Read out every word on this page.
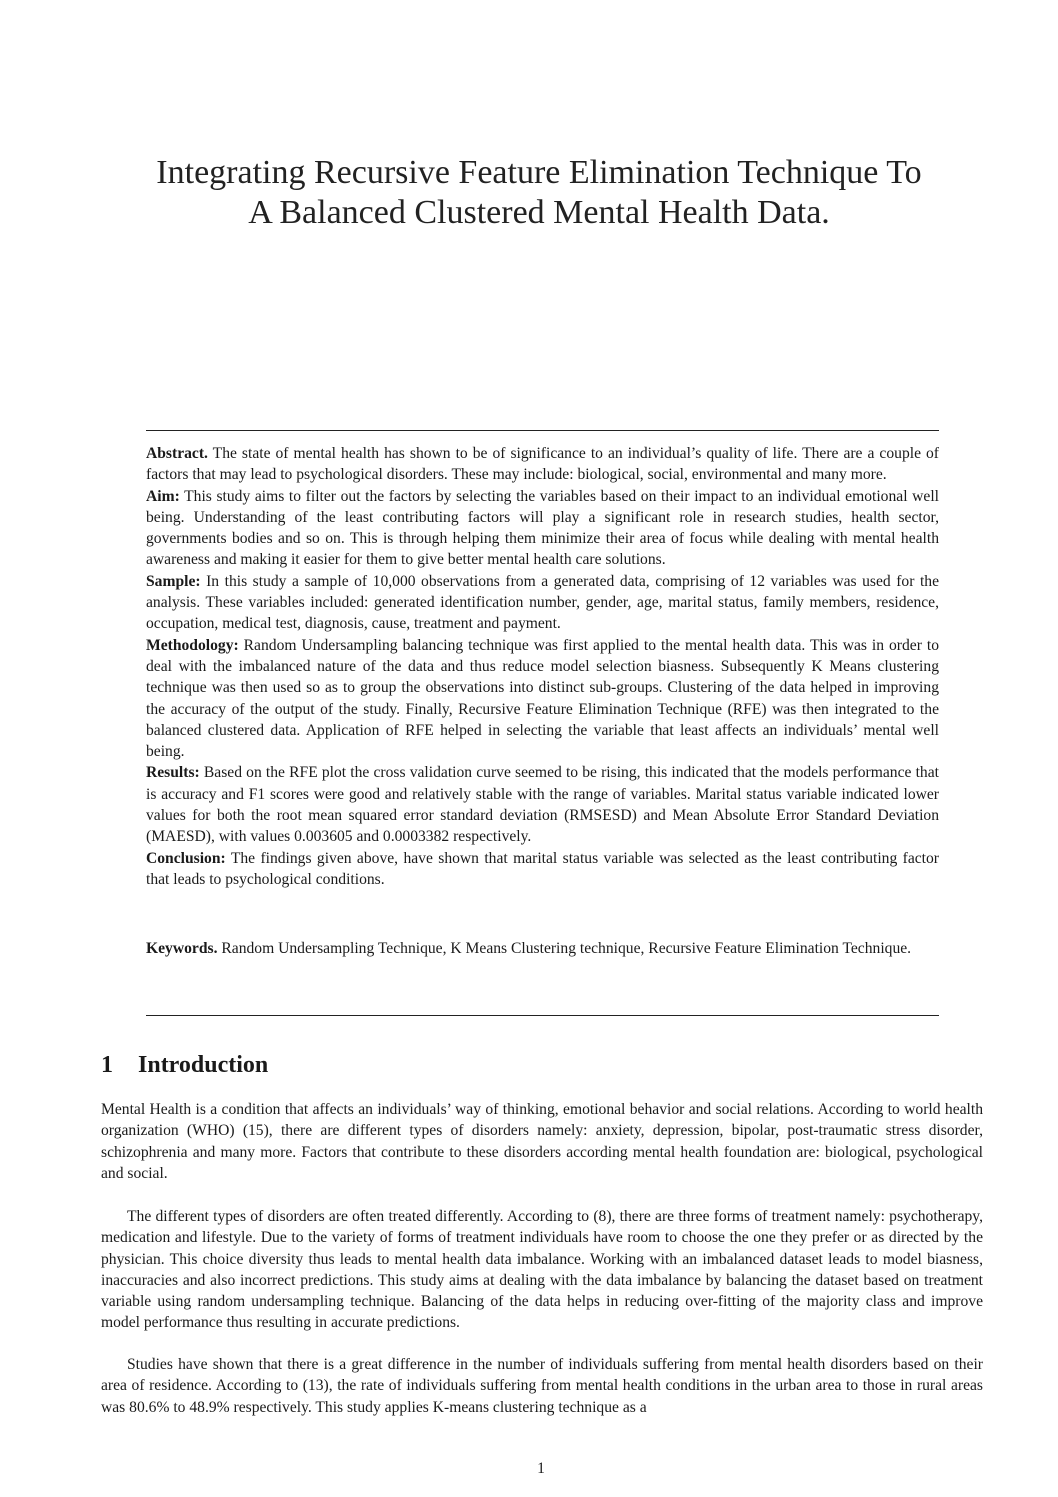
Integrating Recursive Feature Elimination Technique To
A Balanced Clustered Mental Health Data.

Abstract. The state of mental health has shown to be of significance to an individual’s quality of life. There are a couple of factors that may lead to psychological disorders. These may include: biological, social, environmental and many more.

Aim: This study aims to filter out the factors by selecting the variables based on their impact to an individual emotional well being. Understanding of the least contributing factors will play a significant role in research studies, health sector, governments bodies and so on. This is through helping them minimize their area of focus while dealing with mental health awareness and making it easier for them to give better mental health care solutions.

Sample: In this study a sample of 10,000 observations from a generated data, comprising of 12 variables was used for the analysis. These variables included: generated identification number, gender, age, marital status, family members, residence, occupation, medical test, diagnosis, cause, treatment and payment.

Methodology: Random Undersampling balancing technique was first applied to the mental health data. This was in order to deal with the imbalanced nature of the data and thus reduce model selection biasness. Subsequently K Means clustering technique was then used so as to group the observations into distinct sub-groups. Clustering of the data helped in improving the accuracy of the output of the study. Finally, Recursive Feature Elimination Technique (RFE) was then integrated to the balanced clustered data. Application of RFE helped in selecting the variable that least affects an individuals’ mental well being.

Results: Based on the RFE plot the cross validation curve seemed to be rising, this indicated that the models performance that is accuracy and F1 scores were good and relatively stable with the range of variables. Marital status variable indicated lower values for both the root mean squared error standard deviation (RMSESD) and Mean Absolute Error Standard Deviation (MAESD), with values 0.003605 and 0.0003382 respectively.

Conclusion: The findings given above, have shown that marital status variable was selected as the least contributing factor that leads to psychological conditions.

Keywords. Random Undersampling Technique, K Means Clustering technique, Recursive Feature Elimination Technique.
1 Introduction

Mental Health is a condition that affects an individuals’ way of thinking, emotional behavior and social relations. According to world health organization (WHO) (15), there are different types of disorders namely: anxiety, depression, bipolar, post-traumatic stress disorder, schizophrenia and many more. Factors that contribute to these disorders according mental health foundation are: biological, psychological and social.

The different types of disorders are often treated differently. According to (8), there are three forms of treatment namely: psychotherapy, medication and lifestyle. Due to the variety of forms of treatment individuals have room to choose the one they prefer or as directed by the physician. This choice diversity thus leads to mental health data imbalance. Working with an imbalanced dataset leads to model biasness, inaccuracies and also incorrect predictions. This study aims at dealing with the data imbalance by balancing the dataset based on treatment variable using random undersampling technique. Balancing of the data helps in reducing over-fitting of the majority class and improve model performance thus resulting in accurate predictions.

Studies have shown that there is a great difference in the number of individuals suffering from mental health disorders based on their area of residence. According to (13), the rate of individuals suffering from mental health conditions in the urban area to those in rural areas was 80.6% to 48.9% respectively. This study applies K-means clustering technique as a

1
